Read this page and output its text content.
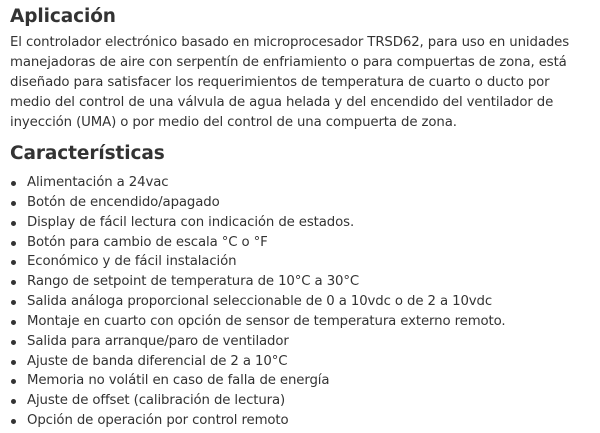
Aplicación

El controlador electrónico basado en microprocesador TRSD62, para uso en unidades manejadoras de aire con serpentín de enfriamiento o para compuertas de zona, está diseñado para satisfacer los requerimientos de temperatura de cuarto o ducto por medio del control de una válvula de agua helada y del encendido del ventilador de inyección (UMA) o por medio del control de una compuerta de zona.

Características
Alimentación a 24vac
Botón de encendido/apagado
Display de fácil lectura con indicación de estados.
Botón para cambio de escala °C o °F
Económico y de fácil instalación
Rango de setpoint de temperatura de 10°C a 30°C
Salida análoga proporcional seleccionable de 0 a 10vdc o de 2 a 10vdc
Montaje en cuarto con opción de sensor de temperatura externo remoto.
Salida para arranque/paro de ventilador
Ajuste de banda diferencial de 2 a 10°C
Memoria no volátil en caso de falla de energía
Ajuste de offset (calibración de lectura)
Opción de operación por control remoto
